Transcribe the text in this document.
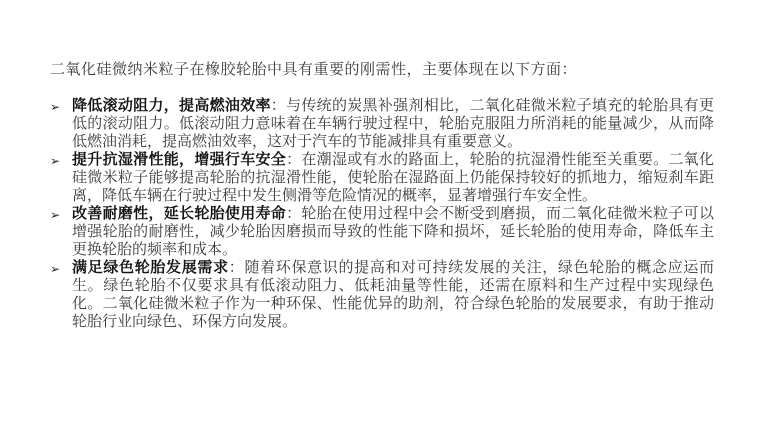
二氧化硅微纳米粒子在橡胶轮胎中具有重要的刚需性，主要体现在以下方面：

➢ 降低滚动阻力，提高燃油效率：与传统的炭黑补强剂相比，二氧化硅微米粒子填充的轮胎具有更低的滚动阻力。低滚动阻力意味着在车辆行驶过程中，轮胎克服阻力所消耗的能量减少，从而降低燃油消耗，提高燃油效率，这对于汽车的节能减排具有重要意义。
➢ 提升抗湿滑性能，增强行车安全：在潮湿或有水的路面上，轮胎的抗湿滑性能至关重要。二氧化硅微米粒子能够提高轮胎的抗湿滑性能，使轮胎在湿路面上仍能保持较好的抓地力，缩短刹车距离，降低车辆在行驶过程中发生侧滑等危险情况的概率，显著增强行车安全性。
➢ 改善耐磨性，延长轮胎使用寿命：轮胎在使用过程中会不断受到磨损，而二氧化硅微米粒子可以增强轮胎的耐磨性，减少轮胎因磨损而导致的性能下降和损坏，延长轮胎的使用寿命，降低车主更换轮胎的频率和成本。
➢ 满足绿色轮胎发展需求：随着环保意识的提高和对可持续发展的关注，绿色轮胎的概念应运而生。绿色轮胎不仅要求具有低滚动阻力、低耗油量等性能，还需在原料和生产过程中实现绿色化。二氧化硅微米粒子作为一种环保、性能优异的助剂，符合绿色轮胎的发展要求，有助于推动轮胎行业向绿色、环保方向发展。
